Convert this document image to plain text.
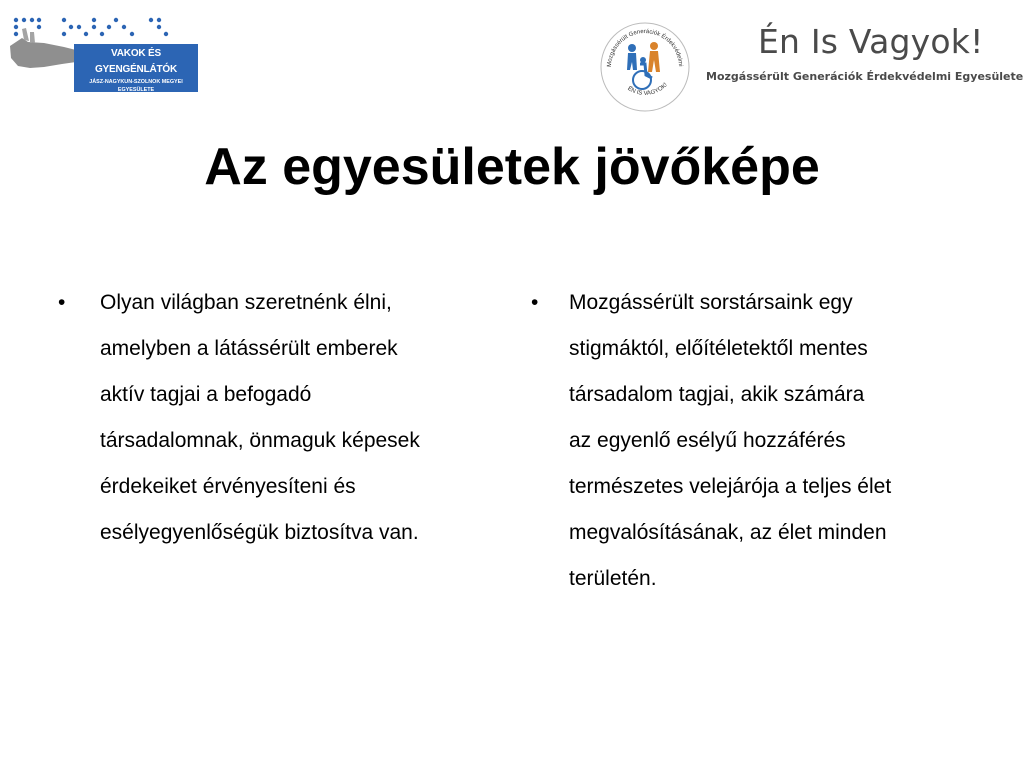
VAKOK ÉS GYENGÉNLÁTÓK
JÁSZ-NAGYKUN-SZOLNOK MEGYEI
EGYESÜLETE
Mozgássérült Generációk Érdekvédelmi
ÉN IS VAGYOK!
Én Is Vagyok!
Mozgássérült Generációk Érdekvédelmi Egyesülete
Az egyesületek jövőképe
• Olyan világban szeretnénk élni,
amelyben a látássérült emberek
aktív tagjai a befogadó
társadalomnak, önmaguk képesek
érdekeiket érvényesíteni és
esélyegyenlőségük biztosítva van.
• Mozgássérült sorstársaink egy
stigmáktól, előítéletektől mentes
társadalom tagjai, akik számára
az egyenlő esélyű hozzáférés
természetes velejárója a teljes élet
megvalósításának, az élet minden
területén.
